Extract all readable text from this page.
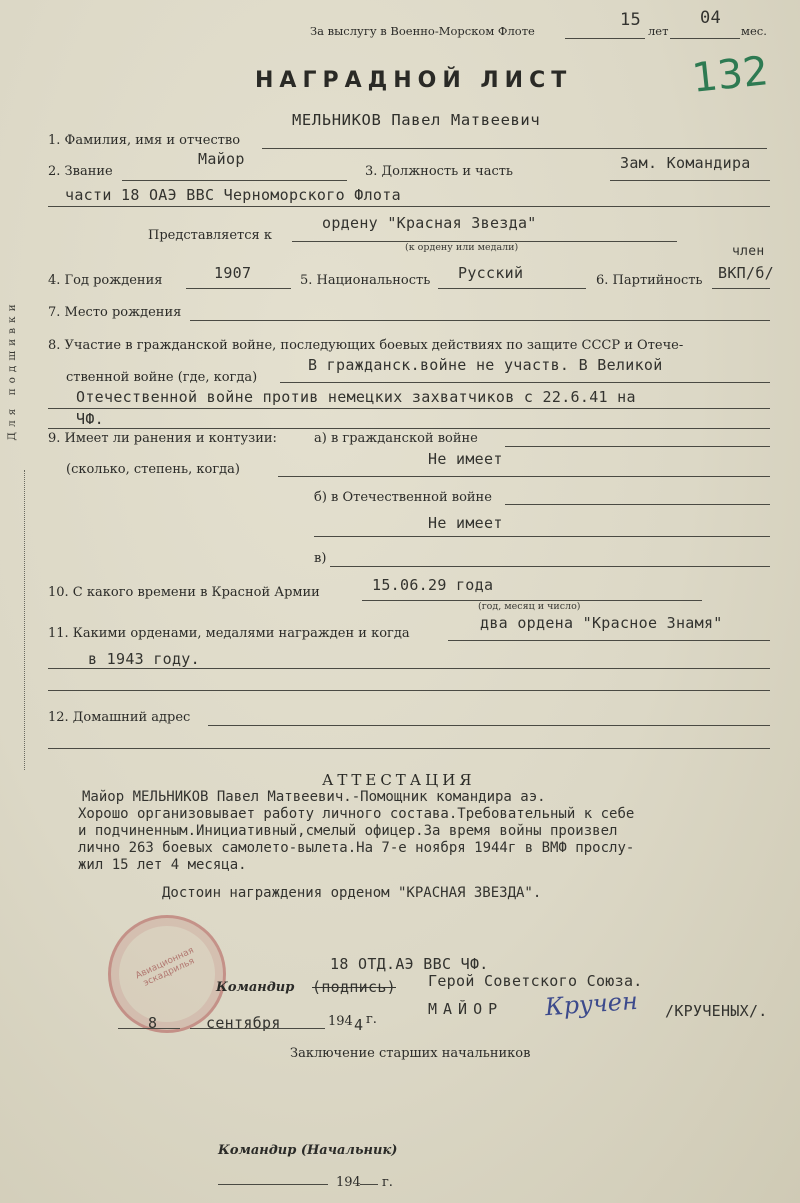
Для подшивки
За выслугу в Военно-Морском Флоте
15
лет
04
мес.
НАГРАДНОЙ ЛИСТ	132
1. Фамилия, имя и отчество
МЕЛЬНИКОВ Павел Матвеевич
2. Звание
Майор
3. Должность и часть	Зам. Командира
части 18 ОАЭ ВВС Черноморского Флота
Представляется к
ордену "Красная Звезда"
(к ордену или медали)	член
4. Год рождения	1907	5. Национальность Русский	6. Партийность ВКП/б/
7. Место рождения
8. Участие в гражданской войне, последующих боевых действиях по защите СССР и Отече-
ственной войне (где, когда)
В гражданск.войне не участв. В Великой
Отечественной войне против немецких захватчиков с 22.6.41 на
ЧФ.
9. Имеет ли ранения и контузии:	а) в гражданской войне
(сколько, степень, когда)
Не имеет
б) в Отечественной войне
Не имеет
в)
10. С какого времени в Красной Армии	15.06.29 года
(год, месяц и число)
11. Какими орденами, медалями награжден и когда
два ордена "Красное Знамя"
в 1943 году.
12. Домашний адрес
АТТЕСТАЦИЯ
Майор МЕЛЬНИКОВ Павел Матвеевич.-Помощник командира аэ.
Хорошо организовывает работу личного состава.Требовательный к себе
и подчиненным.Инициативный,смелый офицер.За время войны произвел
лично 263 боевых самолето-вылета.На 7-е ноября 1944г в ВМФ прослу-
жил 15 лет 4 месяца.
Достоин награждения орденом "КРАСНАЯ ЗВЕЗДА".
Авиационная эскадрилья	18 ОТД.АЭ ВВС ЧФ.
Командир (подпись) Герой Советского Союза.
МАЙОР Кручен /КРУЧЕНЫХ/.
8	сентября	194 4 г.
Заключение старших начальников
Командир (Начальник)
194 г.
